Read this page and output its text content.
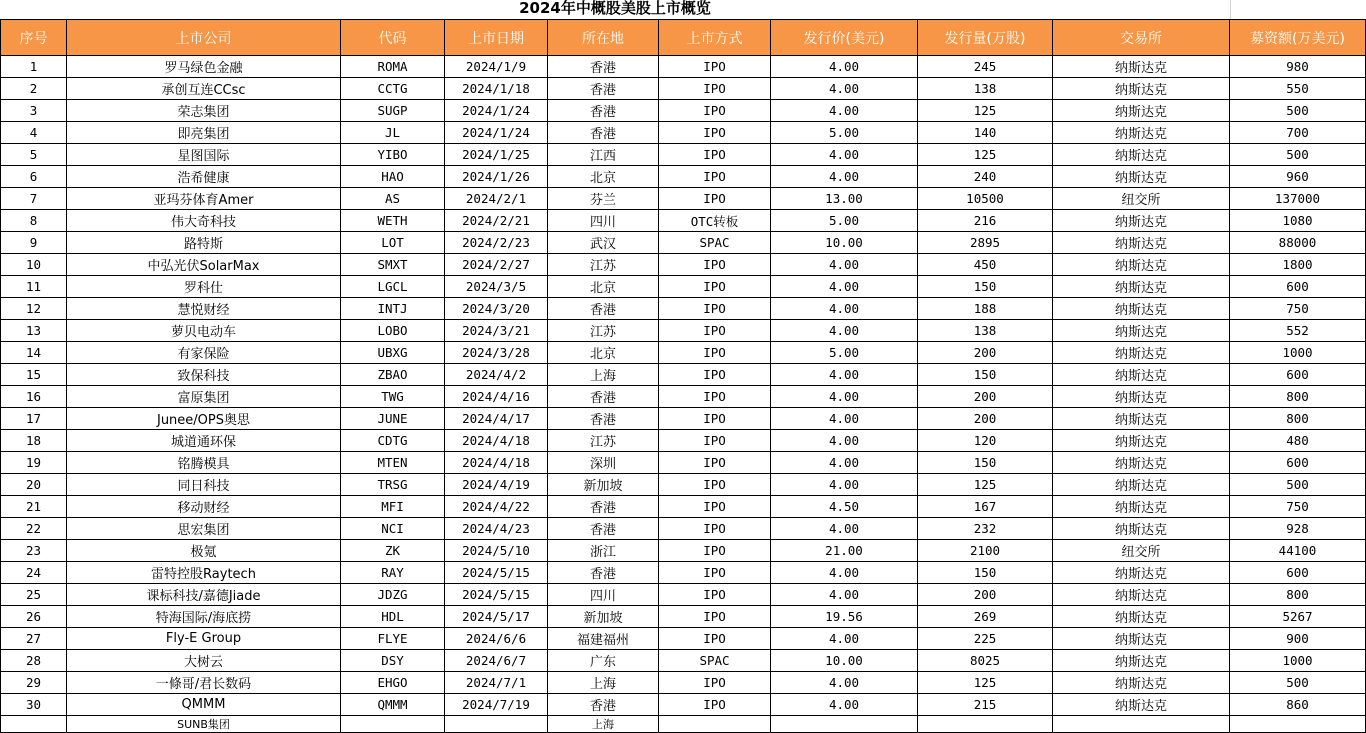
2024年中概股美股上市概览
序号	上市公司	代码	上市日期	所在地	上市方式	发行价(美元)	发行量(万股)	交易所	募资额(万美元)
1	罗马绿色金融	ROMA	2024/1/9	香港	IPO	4.00	245	纳斯达克	980
2	承创互连CCsc	CCTG	2024/1/18	香港	IPO	4.00	138	纳斯达克	550
3	荣志集团	SUGP	2024/1/24	香港	IPO	4.00	125	纳斯达克	500
4	即亮集团	JL	2024/1/24	香港	IPO	5.00	140	纳斯达克	700
5	星图国际	YIBO	2024/1/25	江西	IPO	4.00	125	纳斯达克	500
6	浩希健康	HAO	2024/1/26	北京	IPO	4.00	240	纳斯达克	960
7	亚玛芬体育Amer	AS	2024/2/1	芬兰	IPO	13.00	10500	纽交所	137000
8	伟大奇科技	WETH	2024/2/21	四川	OTC转板	5.00	216	纳斯达克	1080
9	路特斯	LOT	2024/2/23	武汉	SPAC	10.00	2895	纳斯达克	88000
10	中弘光伏SolarMax	SMXT	2024/2/27	江苏	IPO	4.00	450	纳斯达克	1800
11	罗科仕	LGCL	2024/3/5	北京	IPO	4.00	150	纳斯达克	600
12	慧悦财经	INTJ	2024/3/20	香港	IPO	4.00	188	纳斯达克	750
13	萝贝电动车	LOBO	2024/3/21	江苏	IPO	4.00	138	纳斯达克	552
14	有家保险	UBXG	2024/3/28	北京	IPO	5.00	200	纳斯达克	1000
15	致保科技	ZBAO	2024/4/2	上海	IPO	4.00	150	纳斯达克	600
16	富原集团	TWG	2024/4/16	香港	IPO	4.00	200	纳斯达克	800
17	Junee/OPS奥思	JUNE	2024/4/17	香港	IPO	4.00	200	纳斯达克	800
18	城道通环保	CDTG	2024/4/18	江苏	IPO	4.00	120	纳斯达克	480
19	铭腾模具	MTEN	2024/4/18	深圳	IPO	4.00	150	纳斯达克	600
20	同日科技	TRSG	2024/4/19	新加坡	IPO	4.00	125	纳斯达克	500
21	移动财经	MFI	2024/4/22	香港	IPO	4.50	167	纳斯达克	750
22	思宏集团	NCI	2024/4/23	香港	IPO	4.00	232	纳斯达克	928
23	极氪	ZK	2024/5/10	浙江	IPO	21.00	2100	纽交所	44100
24	雷特控股Raytech	RAY	2024/5/15	香港	IPO	4.00	150	纳斯达克	600
25	课标科技/嘉德Jiade	JDZG	2024/5/15	四川	IPO	4.00	200	纳斯达克	800
26	特海国际/海底捞	HDL	2024/5/17	新加坡	IPO	19.56	269	纳斯达克	5267
27	Fly-E Group	FLYE	2024/6/6	福建福州	IPO	4.00	225	纳斯达克	900
28	大树云	DSY	2024/6/7	广东	SPAC	10.00	8025	纳斯达克	1000
29	一條哥/君长数码	EHGO	2024/7/1	上海	IPO	4.00	125	纳斯达克	500
30	QMMM	QMMM	2024/7/19	香港	IPO	4.00	215	纳斯达克	860
	SUNB集团			上海					
